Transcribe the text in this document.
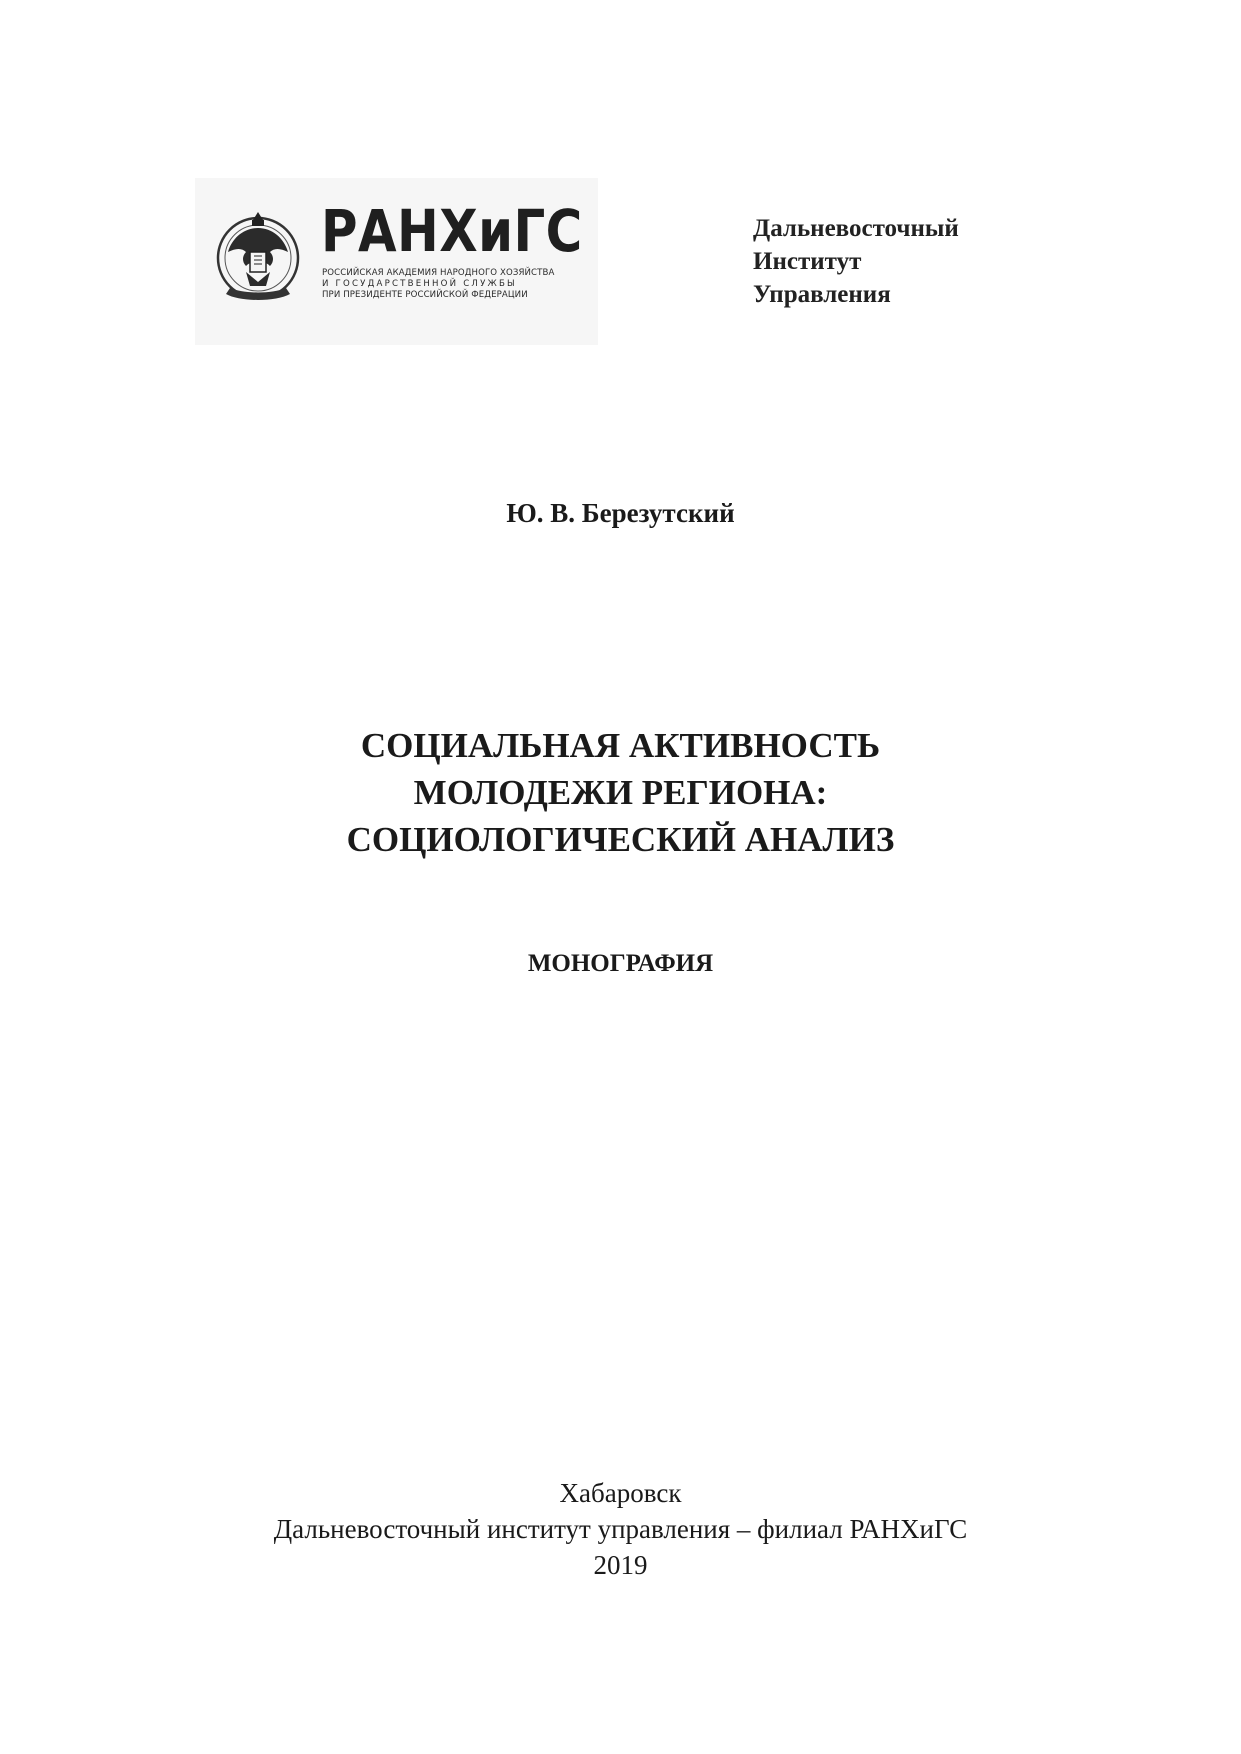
РАНХиГС
РОССИЙСКАЯ АКАДЕМИЯ НАРОДНОГО ХОЗЯЙСТВА
И ГОСУДАРСТВЕННОЙ СЛУЖБЫ
ПРИ ПРЕЗИДЕНТЕ РОССИЙСКОЙ ФЕДЕРАЦИИ
Дальневосточный
Институт
Управления
Ю. В. Березутский
СОЦИАЛЬНАЯ АКТИВНОСТЬ
МОЛОДЕЖИ РЕГИОНА:
СОЦИОЛОГИЧЕСКИЙ АНАЛИЗ
МОНОГРАФИЯ
Хабаровск
Дальневосточный институт управления – филиал РАНХиГС
2019
